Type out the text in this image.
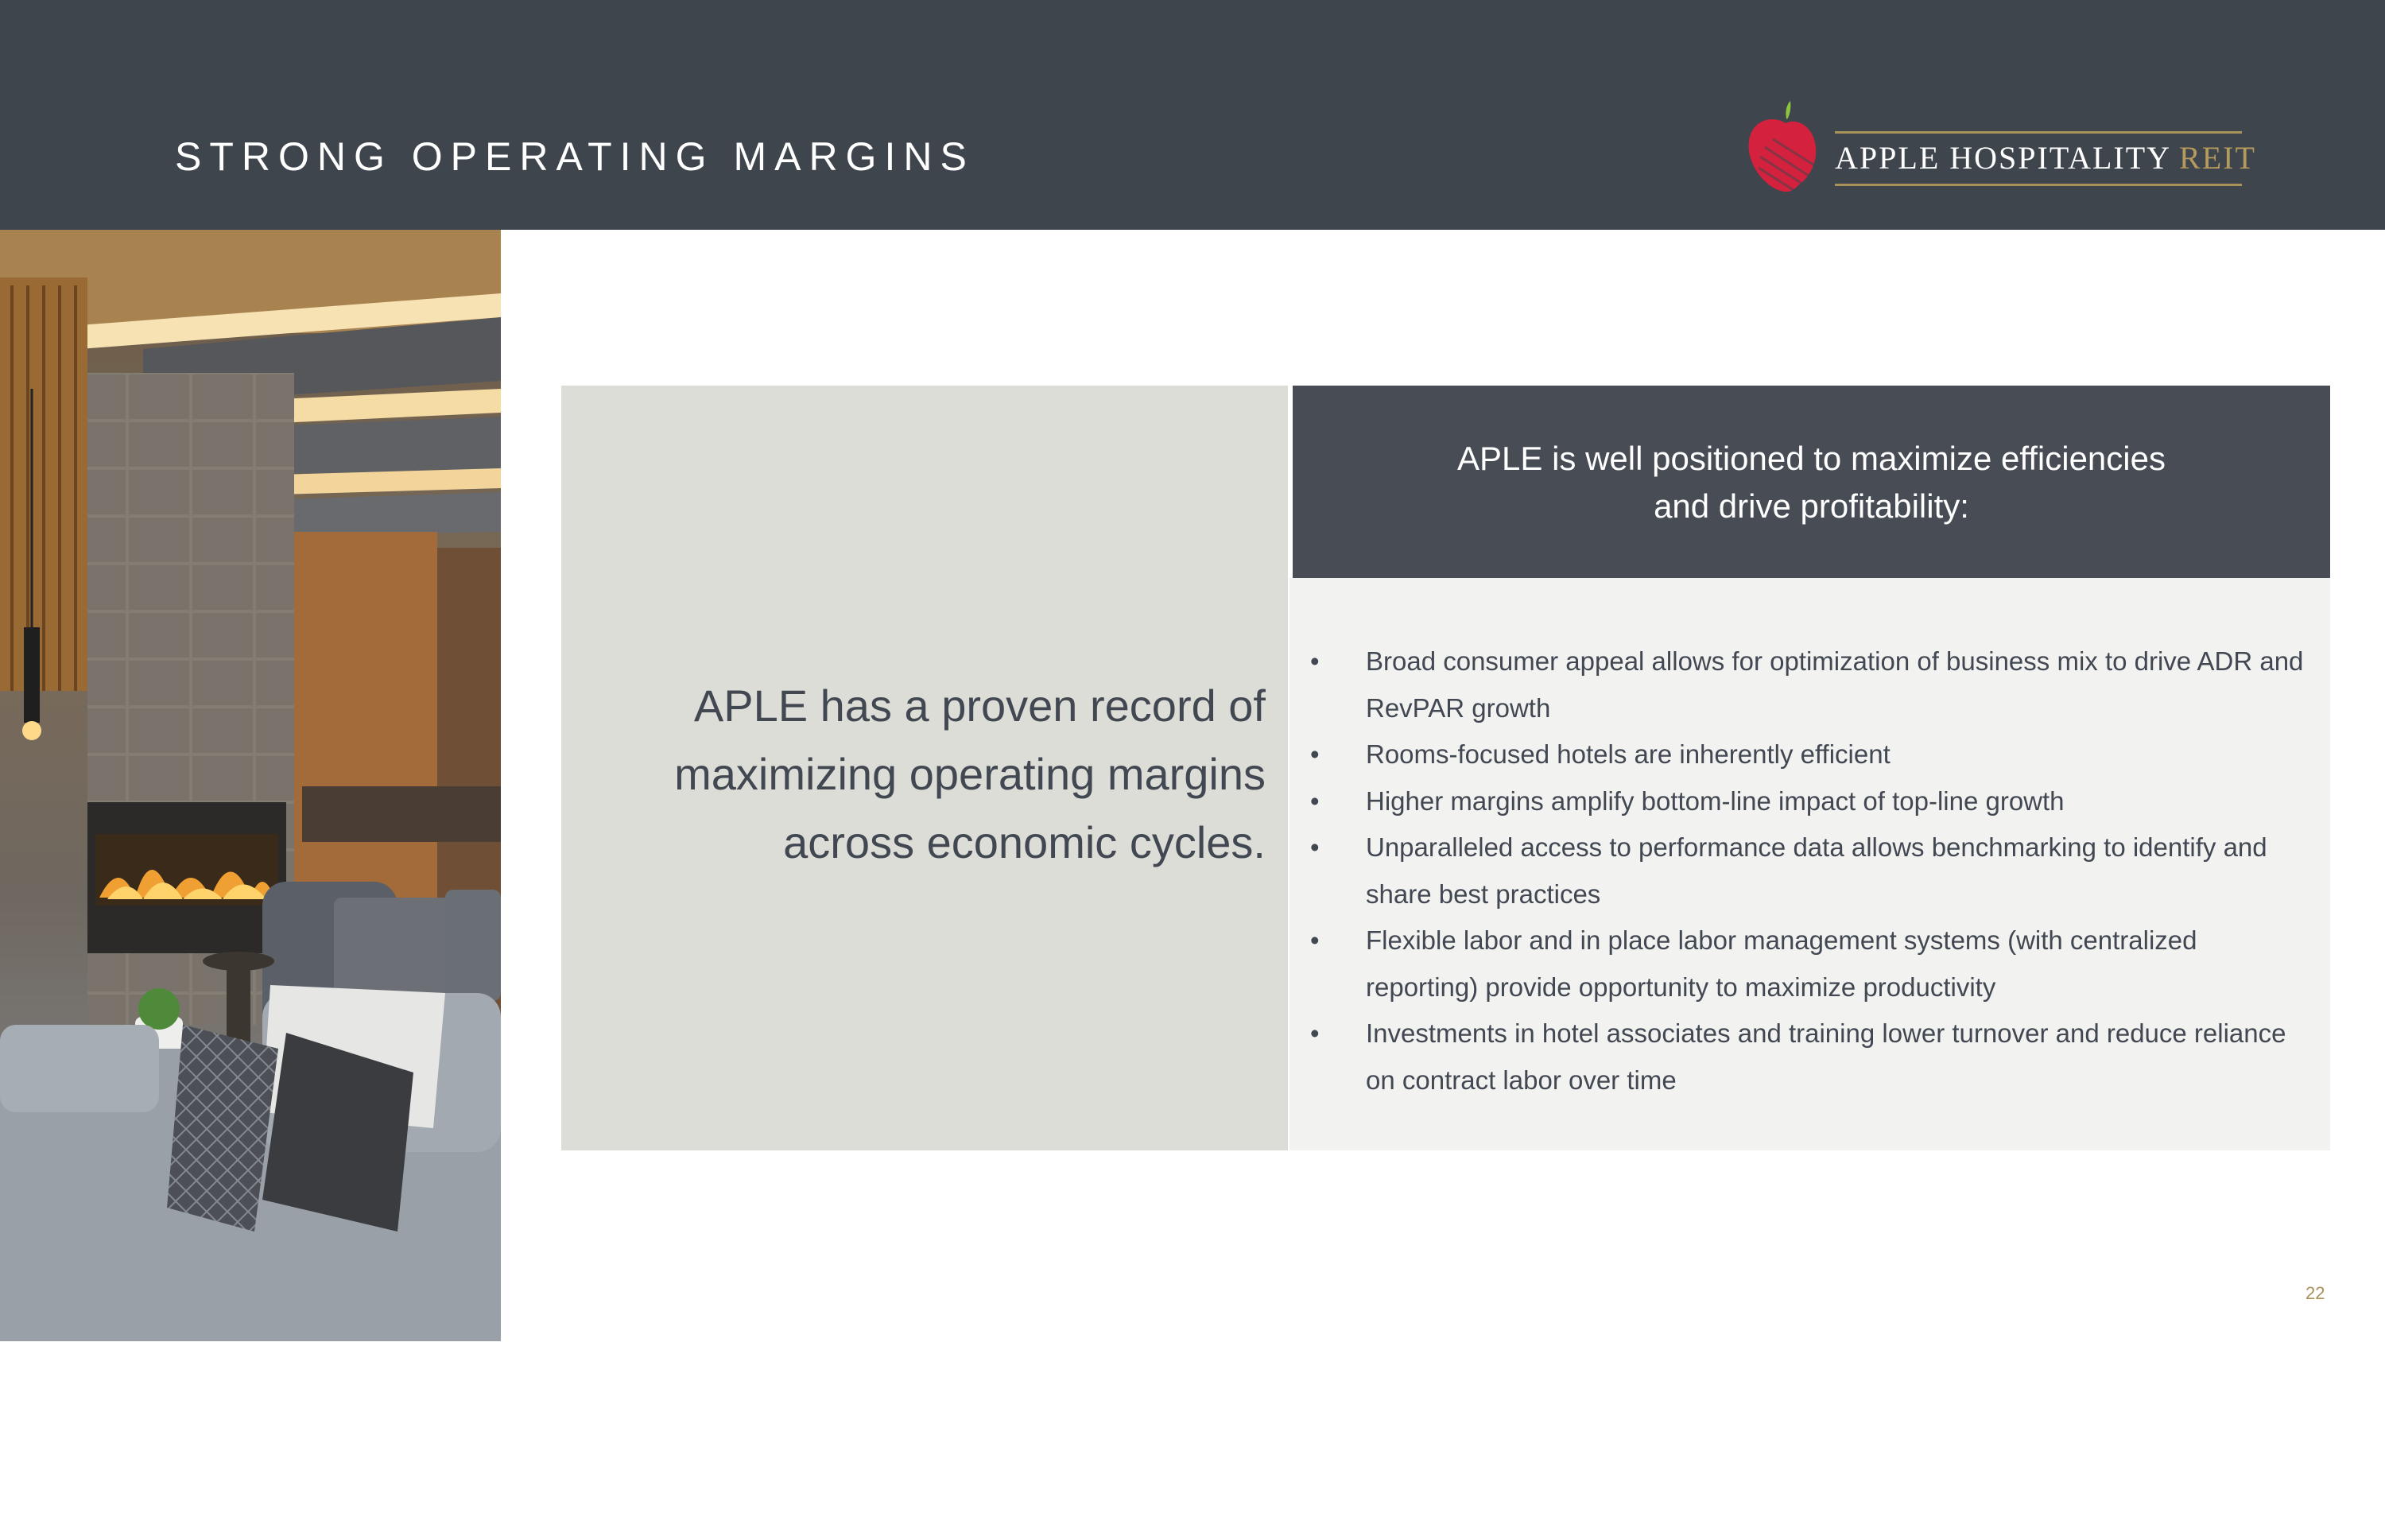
STRONG OPERATING MARGINS	APPLE HOSPITALITY REIT
AC HOTEL WASHINGTON DC CONVENTION CENTER
APLE has a proven record of maximizing operating margins across economic cycles.
APLE is well positioned to maximize efficiencies
and drive profitability:
• Broad consumer appeal allows for optimization of business mix to drive ADR and RevPAR growth
• Rooms-focused hotels are inherently efficient
• Higher margins amplify bottom-line impact of top-line growth
• Unparalleled access to performance data allows benchmarking to identify and share best practices
• Flexible labor and in place labor management systems (with centralized reporting) provide opportunity to maximize productivity
• Investments in hotel associates and training lower turnover and reduce reliance on contract labor over time
22
